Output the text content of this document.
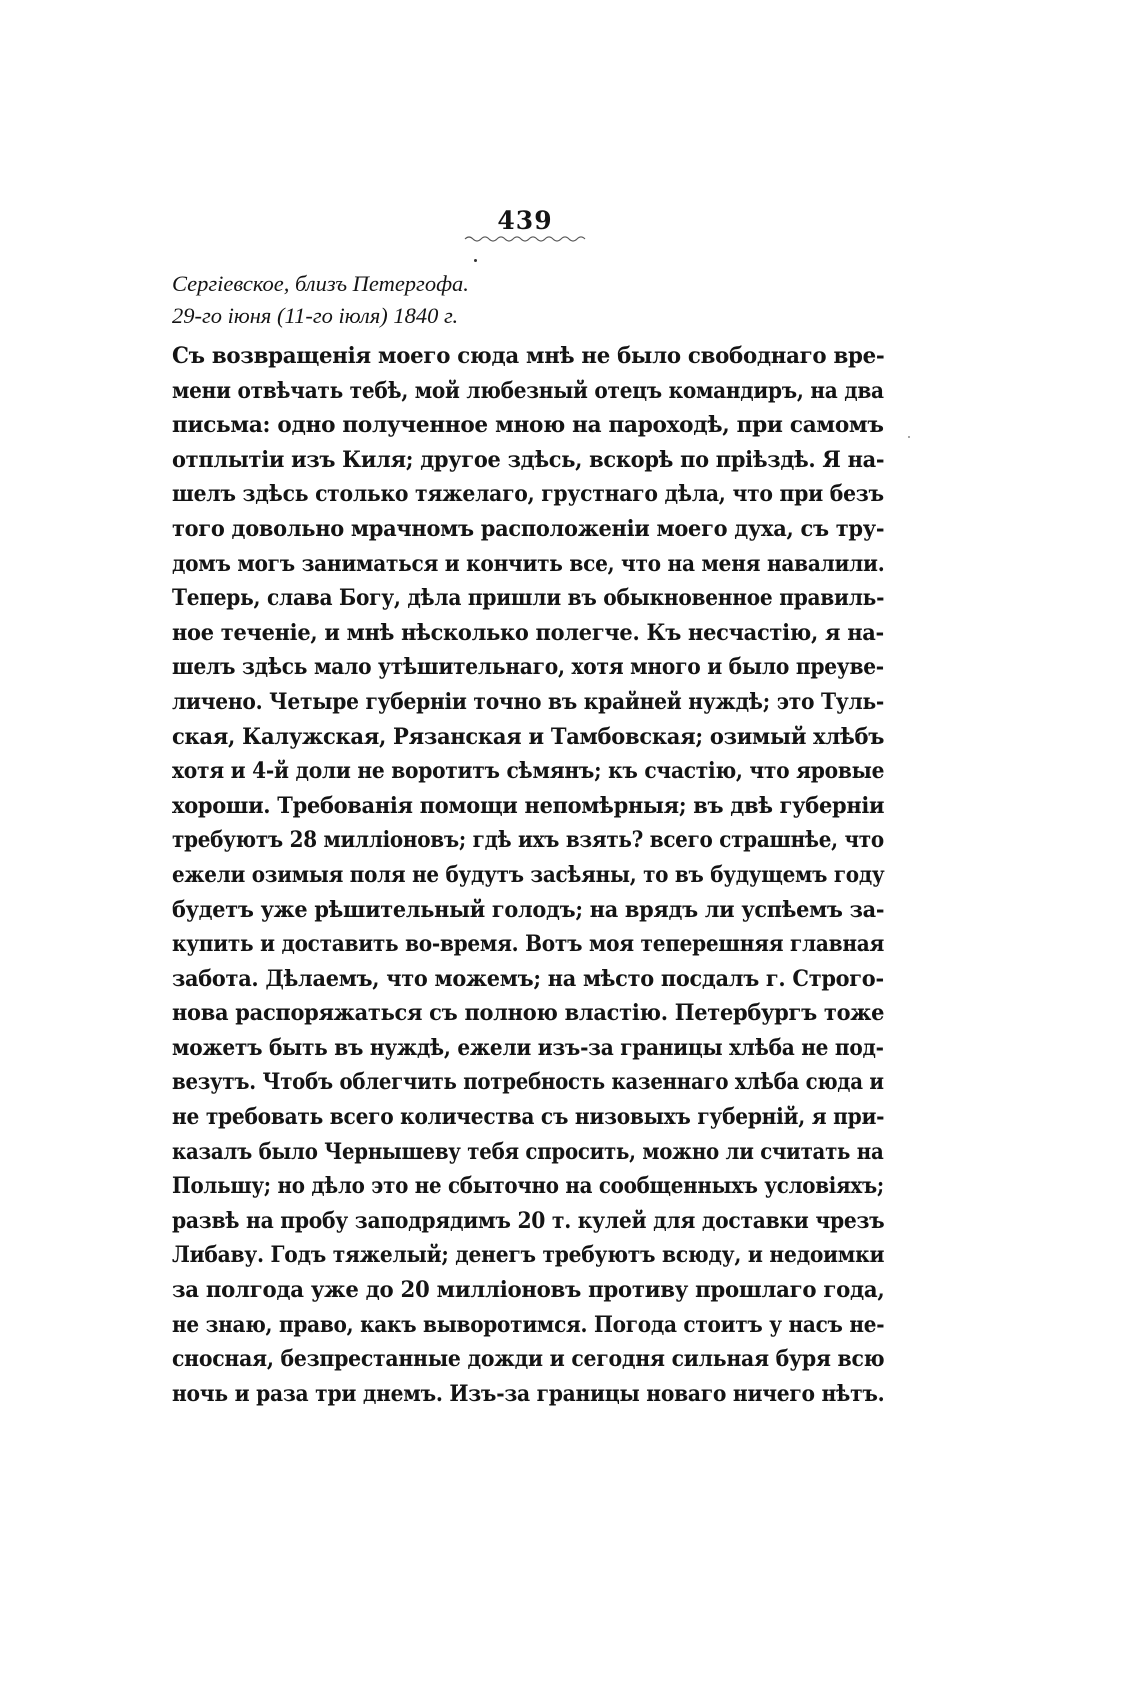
439
Сергіевское, близъ Петергофа.
29-го іюня (11-го іюля) 1840 г.
Съ возвращенія моего сюда мнѣ не было свободнаго вре-
мени отвѣчать тебѣ, мой любезный отецъ командиръ, на два
письма: одно полученное мною на пароходѣ, при самомъ
отплытіи изъ Киля; другое здѣсь, вскорѣ по пріѣздѣ. Я на-
шелъ здѣсь столько тяжелаго, грустнаго дѣла, что при безъ
того довольно мрачномъ расположеніи моего духа, съ тру-
домъ могъ заниматься и кончить все, что на меня навалили.
Теперь, слава Богу, дѣла пришли въ обыкновенное правиль-
ное теченіе, и мнѣ нѣсколько полегче. Къ несчастію, я на-
шелъ здѣсь мало утѣшительнаго, хотя много и было преуве-
личено. Четыре губерніи точно въ крайней нуждѣ; это Туль-
ская, Калужская, Рязанская и Тамбовская; озимый хлѣбъ
хотя и 4-й доли не воротитъ сѣмянъ; къ счастію, что яровые
хороши. Требованія помощи непомѣрныя; въ двѣ губерніи
требуютъ 28 милліоновъ; гдѣ ихъ взять? всего страшнѣе, что
ежели озимыя поля не будутъ засѣяны, то въ будущемъ году
будетъ уже рѣшительный голодъ; на врядъ ли успѣемъ за-
купить и доставить во-время. Вотъ моя теперешняя главная
забота. Дѣлаемъ, что можемъ; на мѣсто посдалъ г. Строго-
нова распоряжаться съ полною властію. Петербургъ тоже
можетъ быть въ нуждѣ, ежели изъ-за границы хлѣба не под-
везутъ. Чтобъ облегчить потребность казеннаго хлѣба сюда и
не требовать всего количества съ низовыхъ губерній, я при-
казалъ было Чернышеву тебя спросить, можно ли считать на
Польшу; но дѣло это не сбыточно на сообщенныхъ условіяхъ;
развѣ на пробу заподрядимъ 20 т. кулей для доставки чрезъ
Либаву. Годъ тяжелый; денегъ требуютъ всюду, и недоимки
за полгода уже до 20 милліоновъ противу прошлаго года,
не знаю, право, какъ выворотимся. Погода стоитъ у насъ не-
сносная, безпрестанные дожди и сегодня сильная буря всю
ночь и раза три днемъ. Изъ-за границы новаго ничего нѣтъ.
